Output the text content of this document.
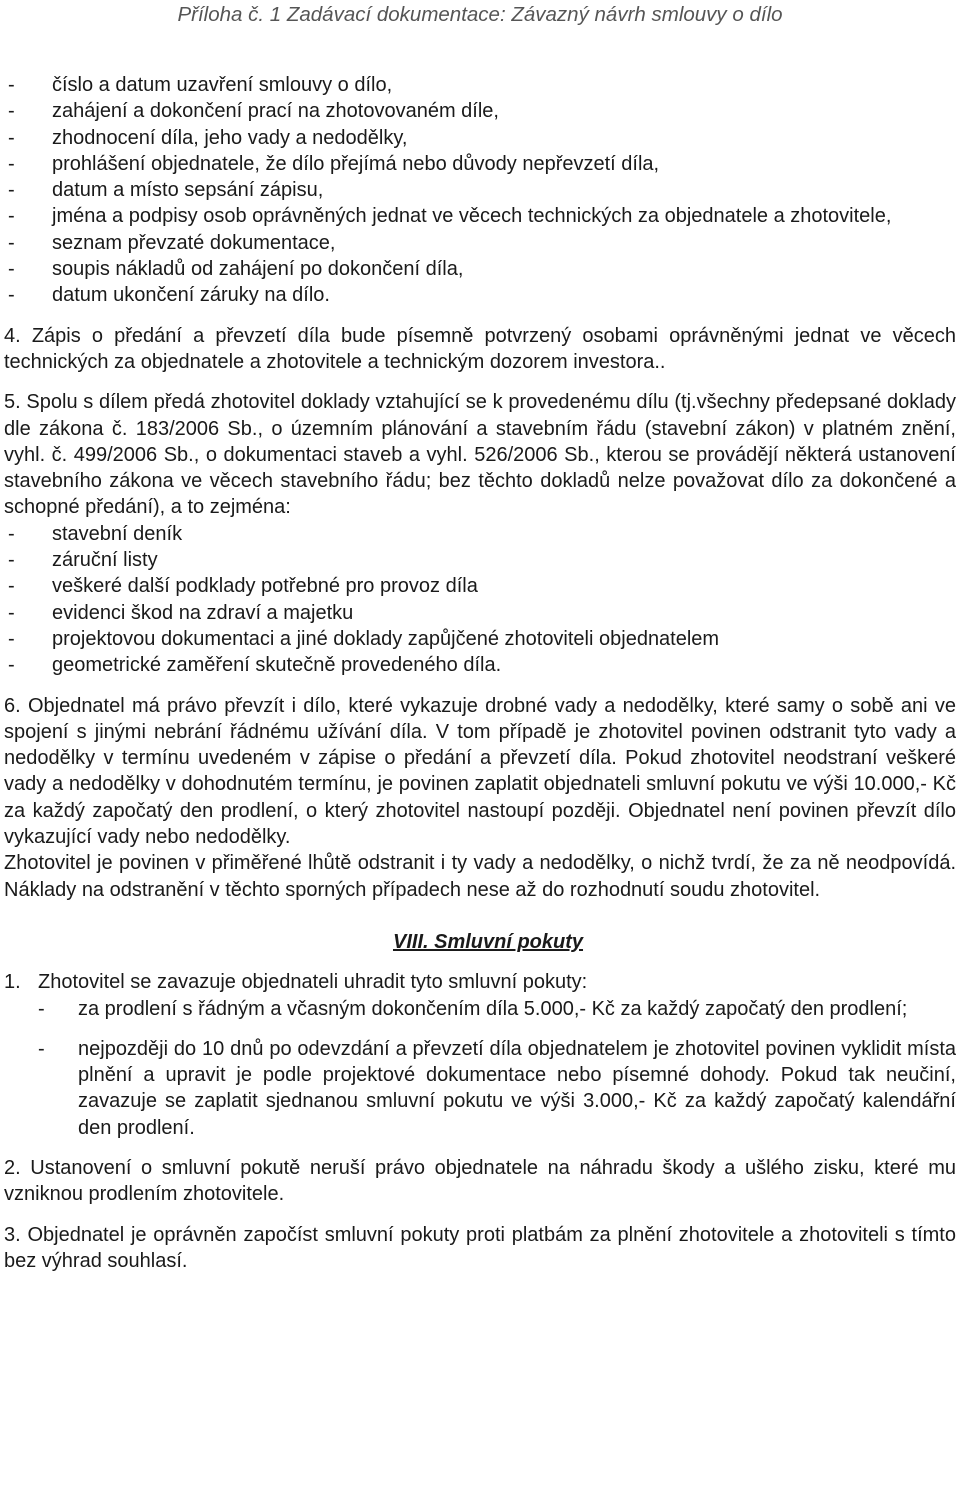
Příloha č. 1 Zadávací dokumentace: Závazný návrh smlouvy o dílo
- číslo a datum uzavření smlouvy o dílo,
- zahájení a dokončení prací na zhotovovaném díle,
- zhodnocení díla, jeho vady a nedodělky,
- prohlášení objednatele, že dílo přejímá nebo důvody nepřevzetí díla,
- datum a místo sepsání zápisu,
- jména a podpisy osob oprávněných jednat ve věcech technických za objednatele a zhotovitele,
- seznam převzaté dokumentace,
- soupis nákladů od zahájení po dokončení díla,
- datum ukončení záruky na dílo.
4. Zápis o předání a převzetí díla bude písemně potvrzený osobami oprávněnými jednat ve věcech technických za objednatele a zhotovitele a technickým dozorem investora..
5. Spolu s dílem předá zhotovitel doklady vztahující se k provedenému dílu (tj.všechny předepsané doklady dle zákona č. 183/2006 Sb., o územním plánování a stavebním řádu (stavební zákon) v platném znění, vyhl. č. 499/2006 Sb., o dokumentaci staveb a vyhl. 526/2006 Sb., kterou se provádějí některá ustanovení stavebního zákona ve věcech stavebního řádu; bez těchto dokladů nelze považovat dílo za dokončené a schopné předání), a to zejména:
- stavební deník
- záruční listy
- veškeré další podklady potřebné pro provoz díla
- evidenci škod na zdraví a majetku
- projektovou dokumentaci a jiné doklady zapůjčené zhotoviteli objednatelem
- geometrické zaměření skutečně provedeného díla.
6. Objednatel má právo převzít i dílo, které vykazuje drobné vady a nedodělky, které samy o sobě ani ve spojení s jinými nebrání řádnému užívání díla. V tom případě je zhotovitel povinen odstranit tyto vady a nedodělky v termínu uvedeném v zápise o předání a převzetí díla. Pokud zhotovitel neodstraní veškeré vady a nedodělky v dohodnutém termínu, je povinen zaplatit objednateli smluvní pokutu ve výši 10.000,- Kč za každý započatý den prodlení, o který zhotovitel nastoupí později. Objednatel není povinen převzít dílo vykazující vady nebo nedodělky.
Zhotovitel je povinen v přiměřené lhůtě odstranit i ty vady a nedodělky, o nichž tvrdí, že za ně neodpovídá. Náklady na odstranění v těchto sporných případech nese až do rozhodnutí soudu zhotovitel.
VIII. Smluvní pokuty
1. Zhotovitel se zavazuje objednateli uhradit tyto smluvní pokuty:
- za prodlení s řádným a včasným dokončením díla 5.000,- Kč za každý započatý den prodlení;
- nejpozději do 10 dnů po odevzdání a převzetí díla objednatelem je zhotovitel povinen vyklidit místa plnění a upravit je podle projektové dokumentace nebo písemné dohody. Pokud tak neučiní, zavazuje se zaplatit sjednanou smluvní pokutu ve výši 3.000,- Kč za každý započatý kalendářní den prodlení.
2. Ustanovení o smluvní pokutě neruší právo objednatele na náhradu škody a ušlého zisku, které mu vzniknou prodlením zhotovitele.
3. Objednatel je oprávněn započíst smluvní pokuty proti platbám za plnění zhotovitele a zhotoviteli s tímto bez výhrad souhlasí.
